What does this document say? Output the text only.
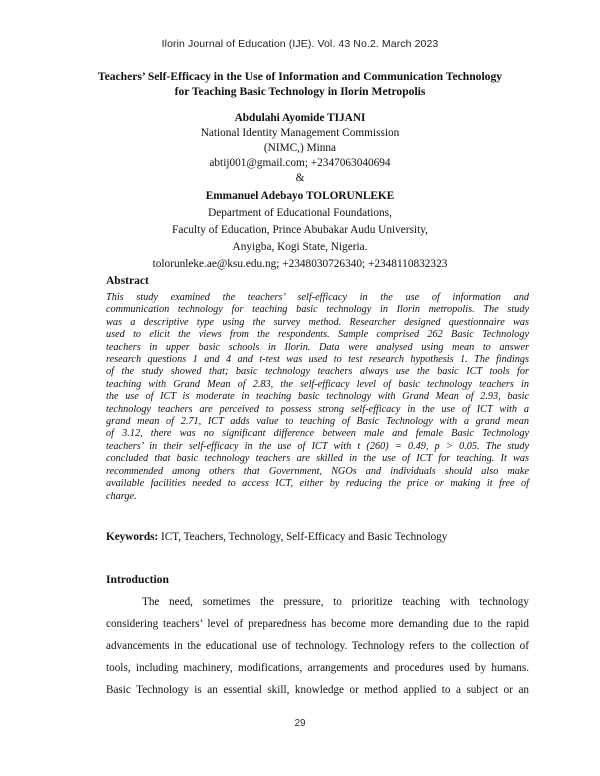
Ilorin Journal of Education (IJE). Vol. 43 No.2. March 2023
Teachers’ Self-Efficacy in the Use of Information and Communication Technology
for Teaching Basic Technology in Ilorin Metropolis
Abdulahi Ayomide TIJANI
National Identity Management Commission
(NIMC,) Minna
abtij001@gmail.com; +2347063040694
&
Emmanuel Adebayo TOLORUNLEKE
Department of Educational Foundations,
Faculty of Education, Prince Abubakar Audu University,
Anyigba, Kogi State, Nigeria.
tolorunleke.ae@ksu.edu.ng; +2348030726340; +2348110832323
Abstract
This study examined the teachers’ self-efficacy in the use of information and
communication technology for teaching basic technology in Ilorin metropolis. The study
was a descriptive type using the survey method. Researcher designed questionnaire was
used to elicit the views from the respondents. Sample comprised 262 Basic Technology
teachers in upper basic schools in Ilorin. Data were analysed using mean to answer
research questions 1 and 4 and t-test was used to test research hypothesis 1. The findings
of the study showed that; basic technology teachers always use the basic ICT tools for
teaching with Grand Mean of 2.83, the self-efficacy level of basic technology teachers in
the use of ICT is moderate in teaching basic technology with Grand Mean of 2.93, basic
technology teachers are perceived to possess strong self-efficacy in the use of ICT with a
grand mean of 2.71, ICT adds value to teaching of Basic Technology with a grand mean
of 3.12, there was no significant difference between male and female Basic Technology
teachers’ in their self-efficacy in the use of ICT with t (260) = 0.49, p > 0.05. The study
concluded that basic technology teachers are skilled in the use of ICT for teaching. It was
recommended among others that Government, NGOs and individuals should also make
available facilities needed to access ICT, either by reducing the price or making it free of
charge.
Keywords: ICT, Teachers, Technology, Self-Efficacy and Basic Technology
Introduction
The need, sometimes the pressure, to prioritize teaching with technology
considering teachers’ level of preparedness has become more demanding due to the rapid
advancements in the educational use of technology. Technology refers to the collection of
tools, including machinery, modifications, arrangements and procedures used by humans.
Basic Technology is an essential skill, knowledge or method applied to a subject or an
29
